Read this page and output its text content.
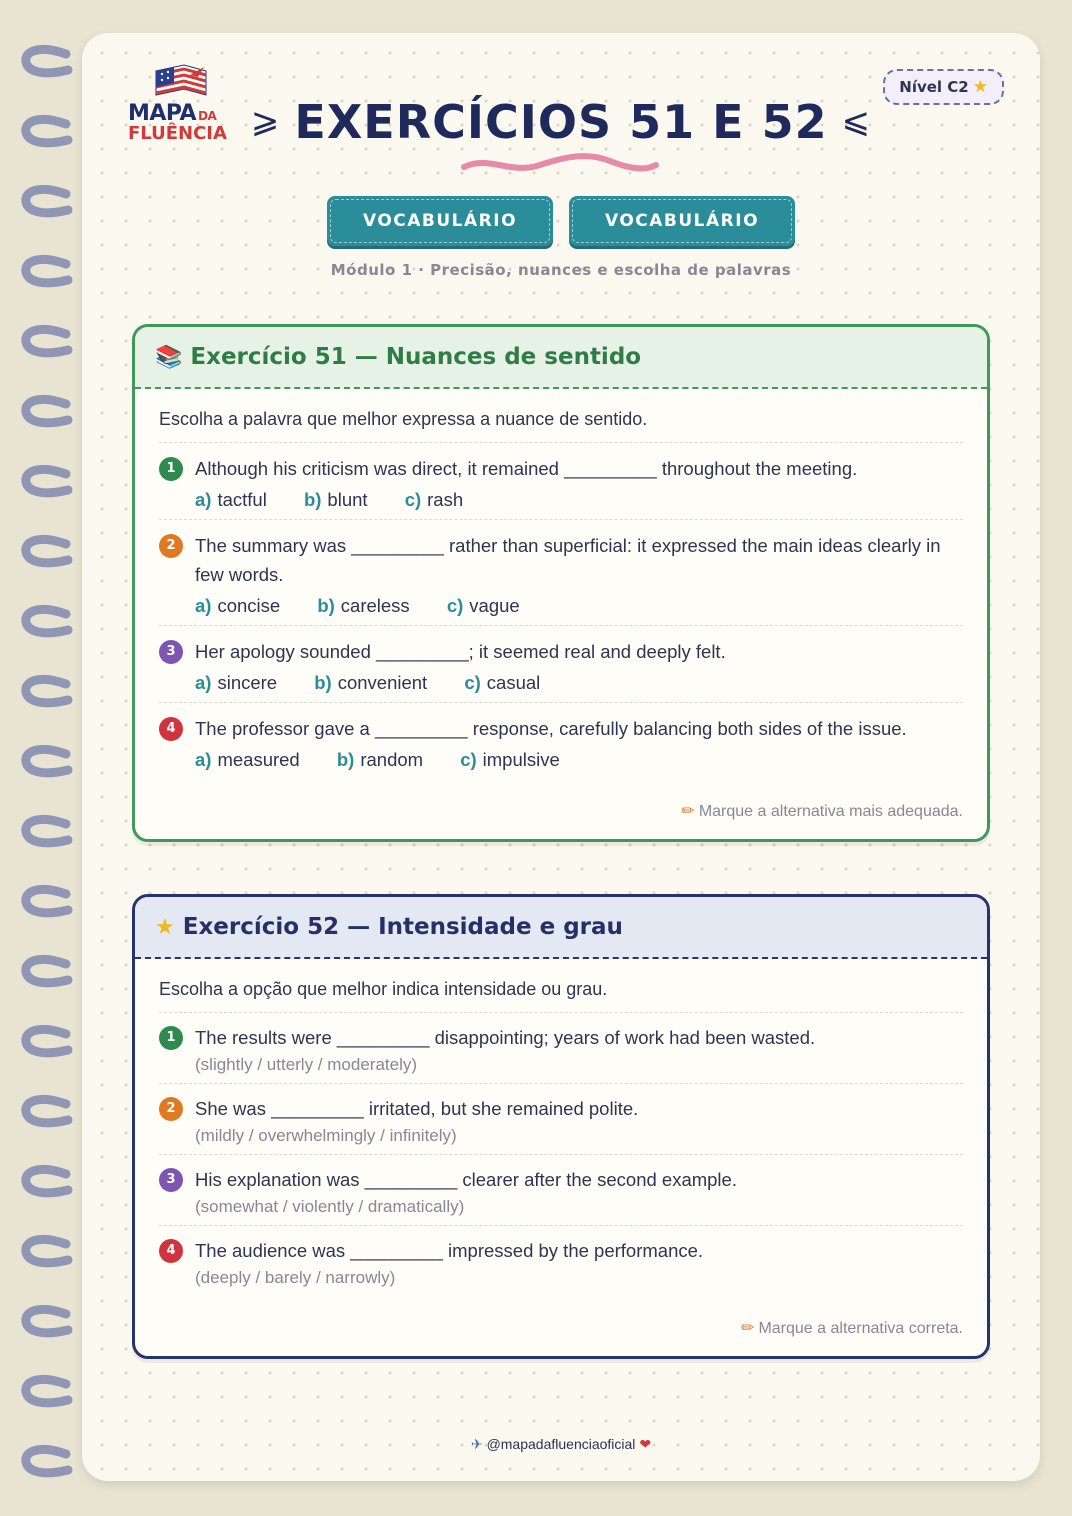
MAPA DA
FLUÊNCIA ⩾ EXERCÍCIOS 51 E 52 ⩽
Nível C2 ★
VOCABULÁRIO	VOCABULÁRIO
Módulo 1 · Precisão, nuances e escolha de palavras
📚 Exercício 51 — Nuances de sentido
Escolha a palavra que melhor expressa a nuance de sentido.
1	Although his criticism was direct, it remained _________ throughout the meeting.
a) tactful b) blunt c) rash
2	The summary was _________ rather than superficial: it expressed the main ideas clearly in few words.
a) concise b) careless c) vague
3	Her apology sounded _________; it seemed real and deeply felt.
a) sincere b) convenient c) casual
4	The professor gave a _________ response, carefully balancing both sides of the issue.
a) measured b) random c) impulsive
✏ Marque a alternativa mais adequada.
★ Exercício 52 — Intensidade e grau
Escolha a opção que melhor indica intensidade ou grau.
1	The results were _________ disappointing; years of work had been wasted.
(slightly / utterly / moderately)
2	She was _________ irritated, but she remained polite.
(mildly / overwhelmingly / infinitely)
3	His explanation was _________ clearer after the second example.
(somewhat / violently / dramatically)
4	The audience was _________ impressed by the performance.
(deeply / barely / narrowly)
✏ Marque a alternativa correta.
✈ @mapadafluenciaoficial ❤
